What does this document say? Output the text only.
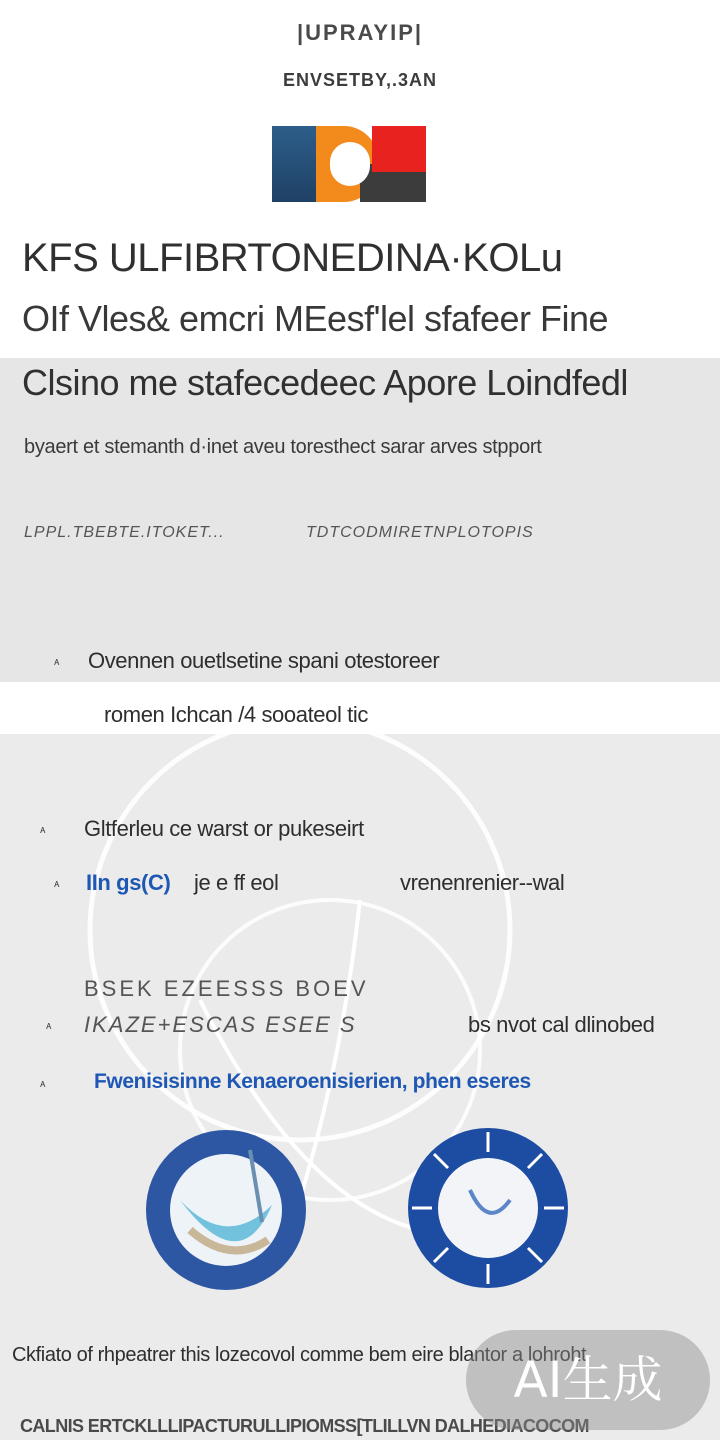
|UPRAYIP|
ENVSETBY,.3AN
KFS ULFIBRTONEDINA·KOLu
OIf Vles& emcri MEesf'lel sfafeer Fine
Clsino me stafecedeec Apore Loindfedl
byaert et stemanth d·inet aveu toresthect sarar arves stpport
LPPL.TBEBTE.ITOKET...	TDTCODMIRETNPLOTOPIS
ᴀ Ovennen ouetlsetine spani otestoreer
romen Ichcan /4 sooateol tic
ᴀ Gltferleu ce warst or pukeseirt
ᴀ IIn gs(C) je e ff eol	vrenenrenier--wal
BSEK EZEESSS BOEV
ᴀ IKAZE+ESCAS ESEE S	bs nvot cal dlinobed
ᴀ Fwenisisinne Kenaeroenisierien, phen eseres
Ckfiato of rhpeatrer this lozecovol comme bem eire blantor a lohroht
CALNIS ERTCKLLLIPACTURULLIPIOMSS[TLILLVN DALHEDIACOCOM
AI生成
